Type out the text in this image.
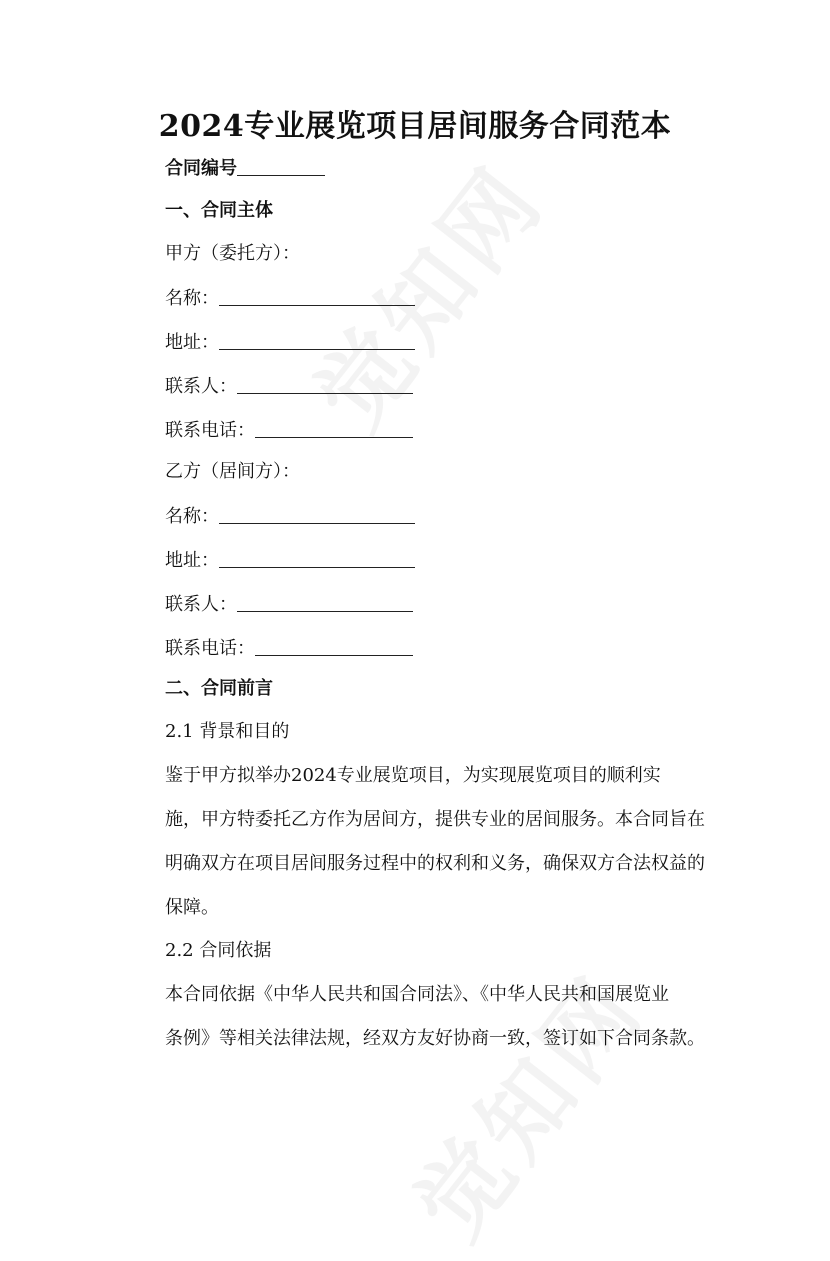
2024专业展览项目居间服务合同范本
合同编号
一、合同主体
甲方（委托方）：
名称：
地址：
联系人：
联系电话：
乙方（居间方）：
名称：
地址：
联系人：
联系电话：
二、合同前言
2.1 背景和目的
鉴于甲方拟举办2024专业展览项目，为实现展览项目的顺利实
施，甲方特委托乙方作为居间方，提供专业的居间服务。本合同旨在
明确双方在项目居间服务过程中的权利和义务，确保双方合法权益的
保障。
2.2 合同依据
本合同依据《中华人民共和国合同法》、《中华人民共和国展览业
条例》等相关法律法规，经双方友好协商一致，签订如下合同条款。
